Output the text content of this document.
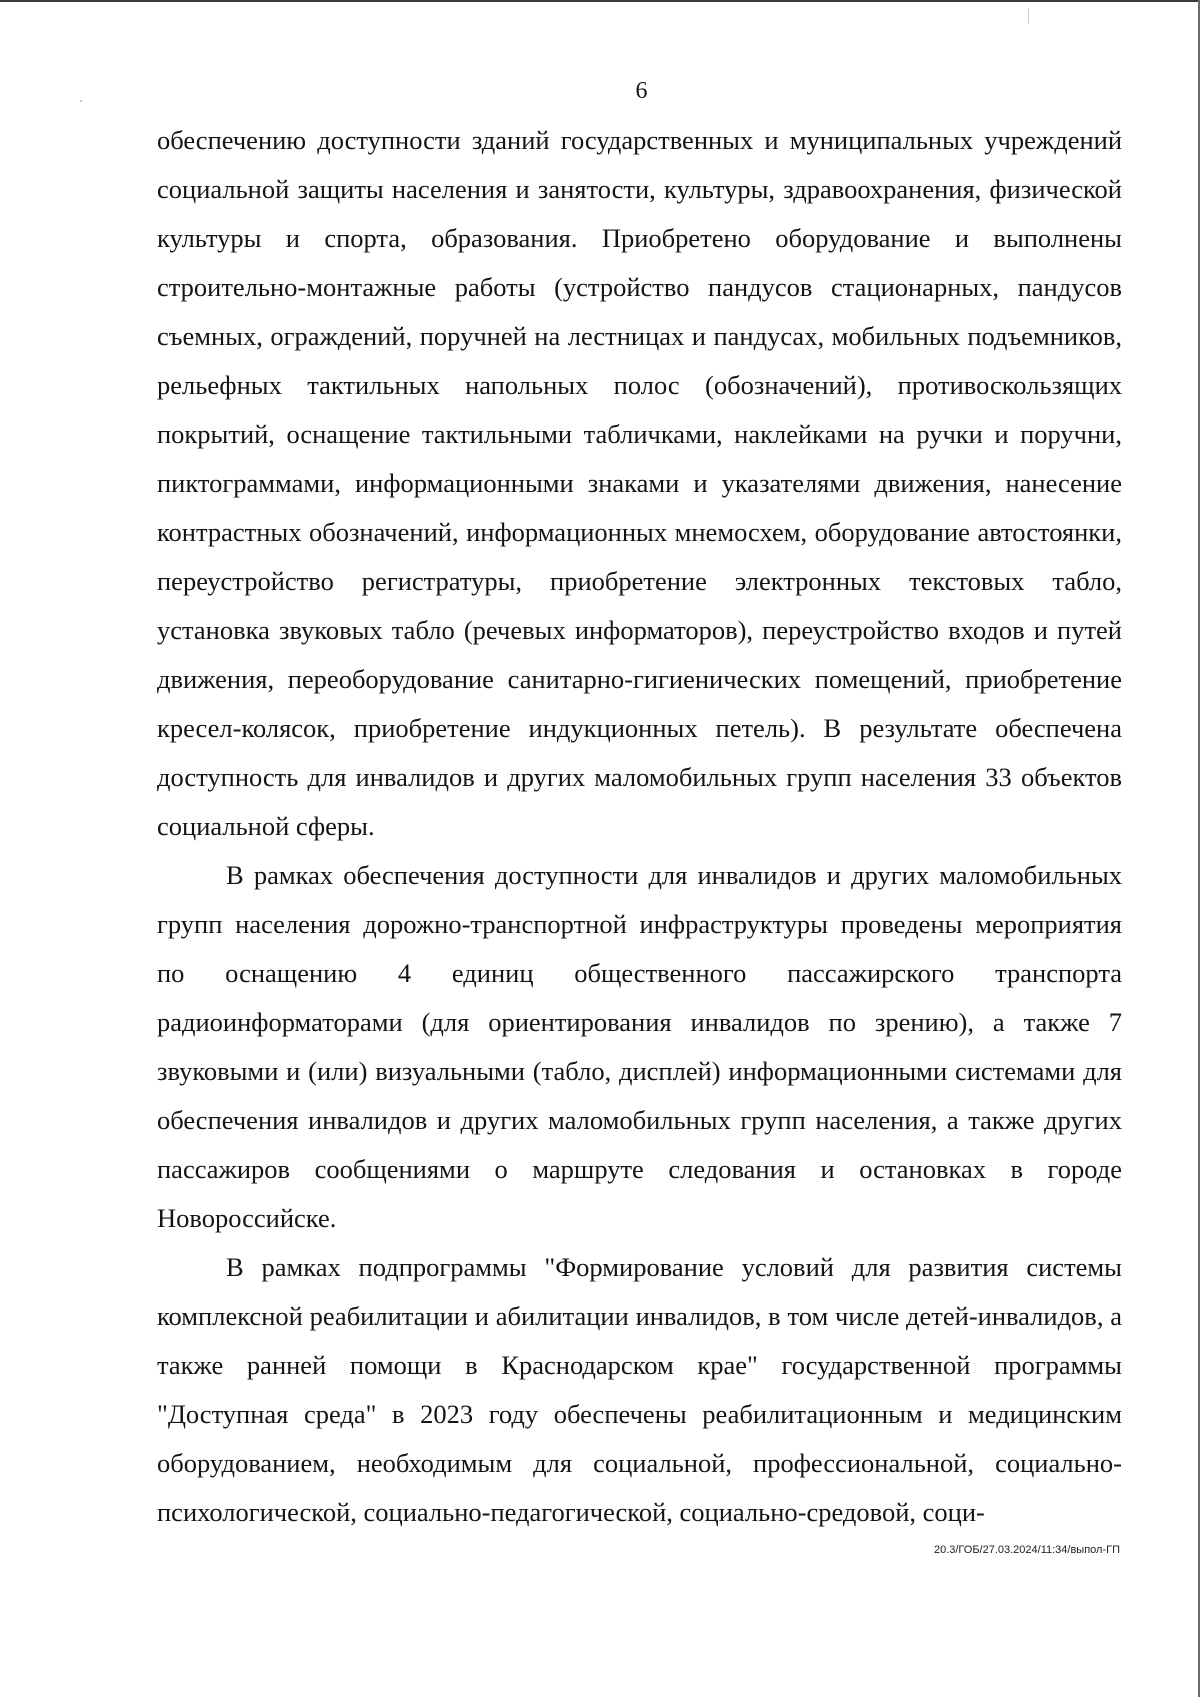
6

обеспечению доступности зданий государственных и муниципальных учреждений социальной защиты населения и занятости, культуры, здравоохранения, физической культуры и спорта, образования. Приобретено оборудование и выполнены строительно-монтажные работы (устройство пандусов стационарных, пандусов съемных, ограждений, поручней на лестницах и пандусах, мобильных подъемников, рельефных тактильных напольных полос (обозначений), противоскользящих покрытий, оснащение тактильными табличками, наклейками на ручки и поручни, пиктограммами, информационными знаками и указателями движения, нанесение контрастных обозначений, информационных мнемосхем, оборудование автостоянки, переустройство регистратуры, приобретение электронных текстовых табло, установка звуковых табло (речевых информаторов), переустройство входов и путей движения, переоборудование санитарно-гигиенических помещений, приобретение кресел-колясок, приобретение индукционных петель). В результате обеспечена доступность для инвалидов и других маломобильных групп населения 33 объектов социальной сферы.

В рамках обеспечения доступности для инвалидов и других маломобильных групп населения дорожно-транспортной инфраструктуры проведены мероприятия по оснащению 4 единиц общественного пассажирского транспорта радиоинформаторами (для ориентирования инвалидов по зрению), а также 7 звуковыми и (или) визуальными (табло, дисплей) информационными системами для обеспечения инвалидов и других маломобильных групп населения, а также других пассажиров сообщениями о маршруте следования и остановках в городе Новороссийске.

В рамках подпрограммы "Формирование условий для развития системы комплексной реабилитации и абилитации инвалидов, в том числе детей-инвалидов, а также ранней помощи в Краснодарском крае" государственной программы "Доступная среда" в 2023 году обеспечены реабилитационным и медицинским оборудованием, необходимым для социальной, профессиональной, социально-психологической, социально-педагогической, социально-средовой, соци-

20.3/ГОБ/27.03.2024/11:34/выпол-ГП
